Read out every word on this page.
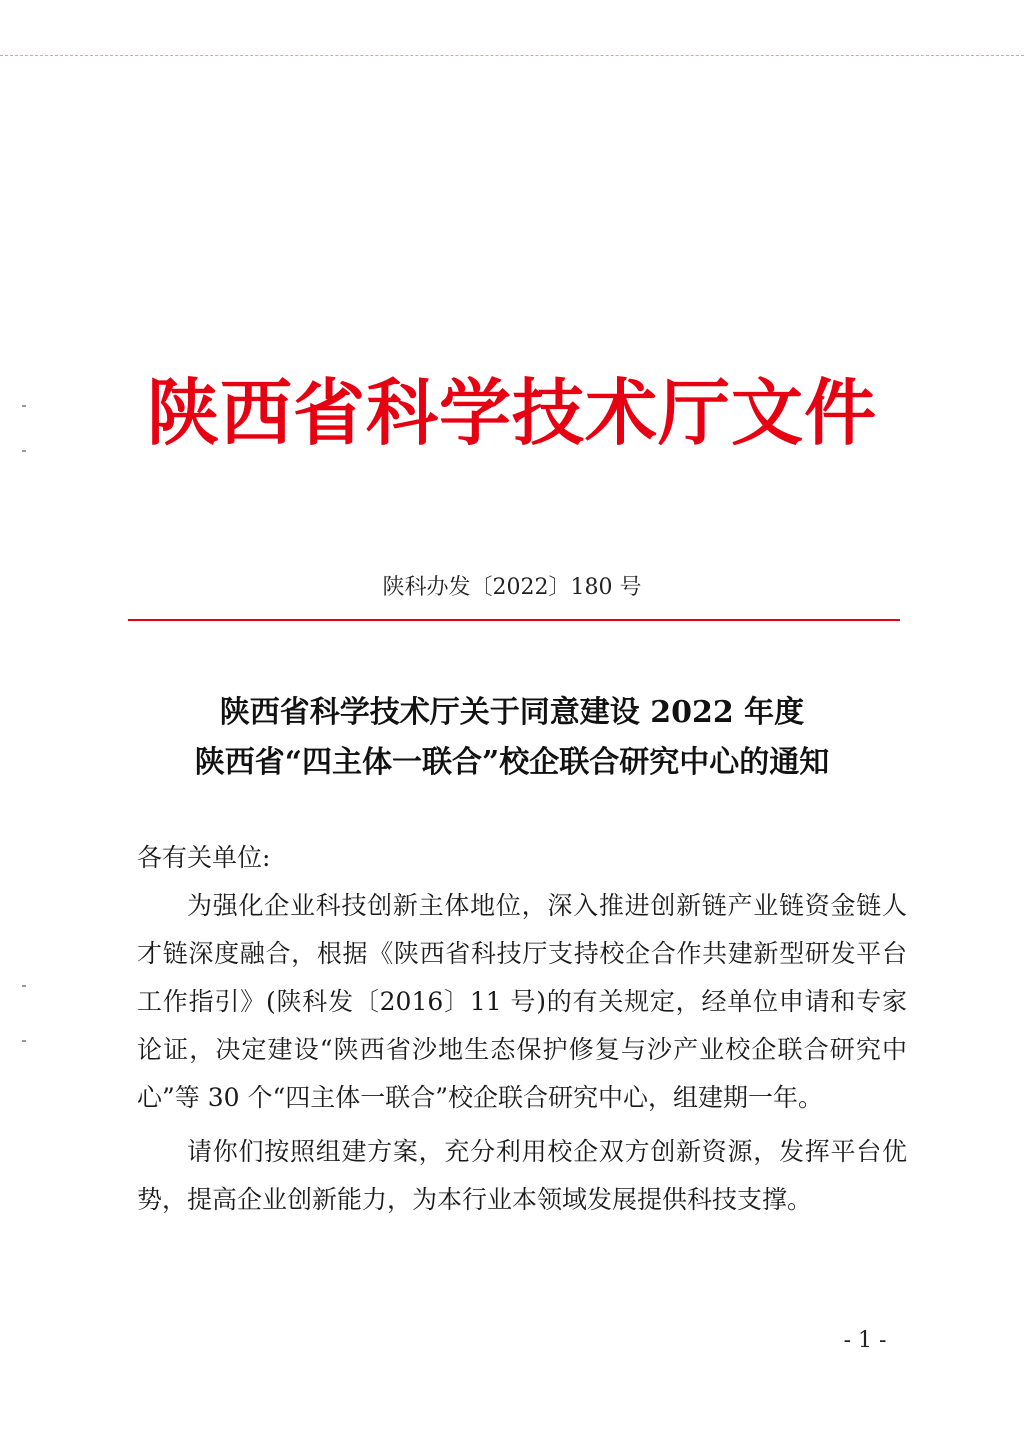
陕西省科学技术厅文件
陕科办发〔2022〕180 号
陕西省科学技术厅关于同意建设 2022 年度
陕西省“四主体一联合”校企联合研究中心的通知

各有关单位:

为强化企业科技创新主体地位，深入推进创新链产业链资金链人才链深度融合，根据《陕西省科技厅支持校企合作共建新型研发平台工作指引》(陕科发〔2016〕11 号)的有关规定，经单位申请和专家论证，决定建设“陕西省沙地生态保护修复与沙产业校企联合研究中心”等 30 个“四主体一联合”校企联合研究中心，组建期一年。

请你们按照组建方案，充分利用校企双方创新资源，发挥平台优势，提高企业创新能力，为本行业本领域发展提供科技支撑。

- 1 -
